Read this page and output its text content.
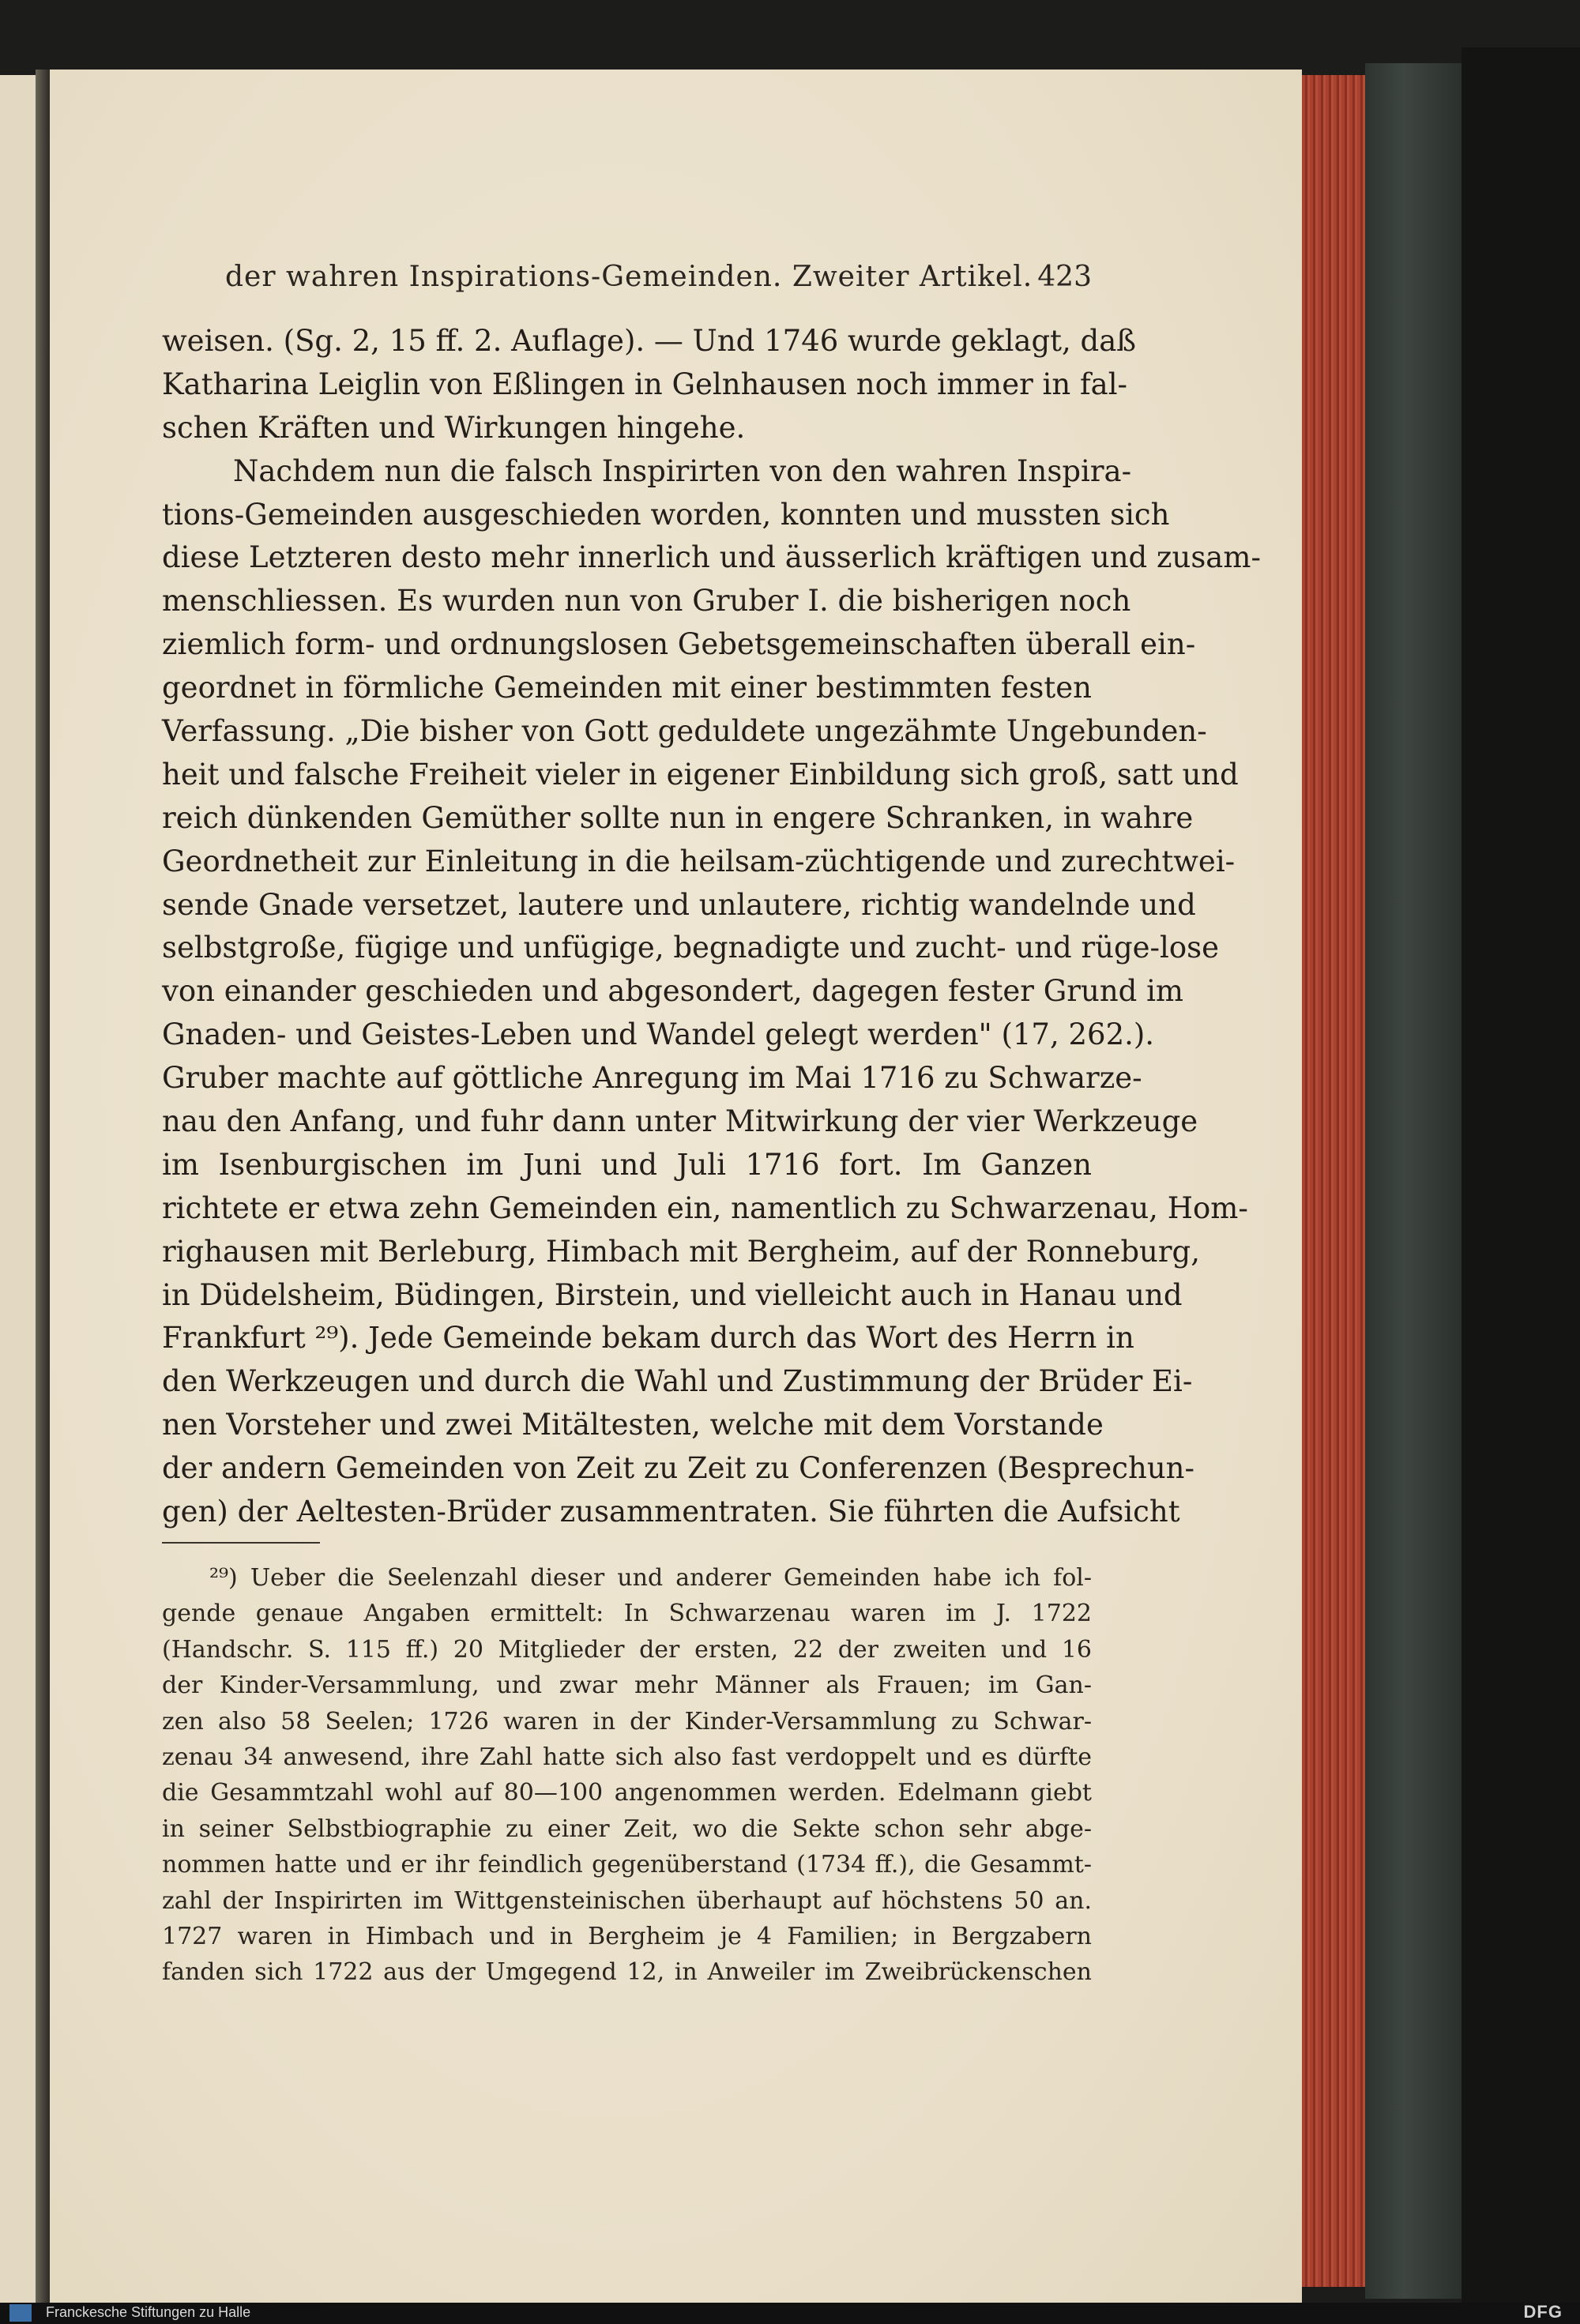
der wahren Inspirations-Gemeinden. Zweiter Artikel. 423
weisen. (Sg. 2, 15 ff. 2. Auflage). — Und 1746 wurde geklagt, daß
Katharina Leiglin von Eßlingen in Gelnhausen noch immer in fal-
schen Kräften und Wirkungen hingehe.
Nachdem nun die falsch Inspirirten von den wahren Inspira-
tions-Gemeinden ausgeschieden worden, konnten und mussten sich
diese Letzteren desto mehr innerlich und äusserlich kräftigen und zusam-
menschliessen. Es wurden nun von Gruber I. die bisherigen noch
ziemlich form- und ordnungslosen Gebetsgemeinschaften überall ein-
geordnet in förmliche Gemeinden mit einer bestimmten festen
Verfassung. „Die bisher von Gott geduldete ungezähmte Ungebunden-
heit und falsche Freiheit vieler in eigener Einbildung sich groß, satt und
reich dünkenden Gemüther sollte nun in engere Schranken, in wahre
Geordnetheit zur Einleitung in die heilsam-züchtigende und zurechtwei-
sende Gnade versetzet, lautere und unlautere, richtig wandelnde und
selbstgroße, fügige und unfügige, begnadigte und zucht- und rüge-lose
von einander geschieden und abgesondert, dagegen fester Grund im
Gnaden- und Geistes-Leben und Wandel gelegt werden" (17, 262.).
Gruber machte auf göttliche Anregung im Mai 1716 zu Schwarze-
nau den Anfang, und fuhr dann unter Mitwirkung der vier Werkzeuge
im Isenburgischen im Juni und Juli 1716 fort. Im Ganzen
richtete er etwa zehn Gemeinden ein, namentlich zu Schwarzenau, Hom-
righausen mit Berleburg, Himbach mit Bergheim, auf der Ronneburg,
in Düdelsheim, Büdingen, Birstein, und vielleicht auch in Hanau und
Frankfurt ²⁹). Jede Gemeinde bekam durch das Wort des Herrn in
den Werkzeugen und durch die Wahl und Zustimmung der Brüder Ei-
nen Vorsteher und zwei Mitältesten, welche mit dem Vorstande
der andern Gemeinden von Zeit zu Zeit zu Conferenzen (Besprechun-
gen) der Aeltesten-Brüder zusammentraten. Sie führten die Aufsicht
²⁹) Ueber die Seelenzahl dieser und anderer Gemeinden habe ich fol-
gende genaue Angaben ermittelt: In Schwarzenau waren im J. 1722
(Handschr. S. 115 ff.) 20 Mitglieder der ersten, 22 der zweiten und 16
der Kinder-Versammlung, und zwar mehr Männer als Frauen; im Gan-
zen also 58 Seelen; 1726 waren in der Kinder-Versammlung zu Schwar-
zenau 34 anwesend, ihre Zahl hatte sich also fast verdoppelt und es dürfte
die Gesammtzahl wohl auf 80—100 angenommen werden. Edelmann giebt
in seiner Selbstbiographie zu einer Zeit, wo die Sekte schon sehr abge-
nommen hatte und er ihr feindlich gegenüberstand (1734 ff.), die Gesammt-
zahl der Inspirirten im Wittgensteinischen überhaupt auf höchstens 50 an.
1727 waren in Himbach und in Bergheim je 4 Familien; in Bergzabern
fanden sich 1722 aus der Umgegend 12, in Anweiler im Zweibrückenschen
Franckesche Stiftungen zu Halle	DFG
